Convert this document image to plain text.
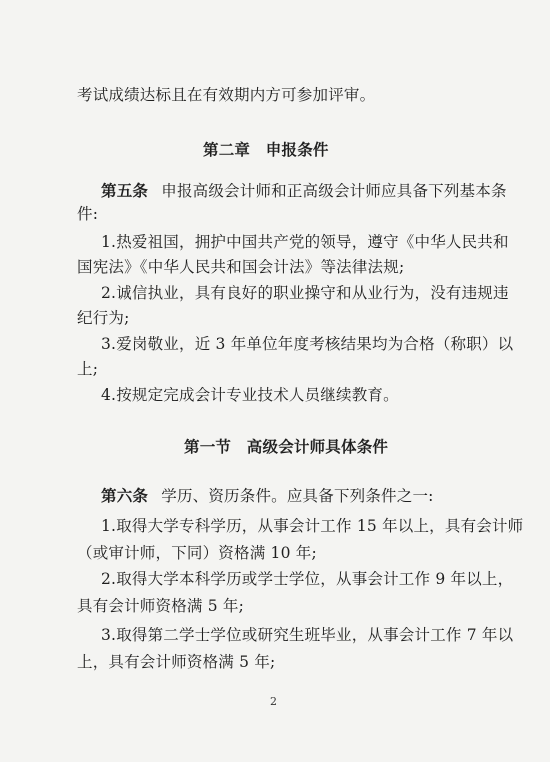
考试成绩达标且在有效期内方可参加评审。
第二章　申报条件
第五条 申报高级会计师和正高级会计师应具备下列基本条
件:
1.热爱祖国，拥护中国共产党的领导，遵守《中华人民共和
国宪法》《中华人民共和国会计法》等法律法规;
2.诚信执业，具有良好的职业操守和从业行为，没有违规违
纪行为;
3.爱岗敬业，近 3 年单位年度考核结果均为合格（称职）以
上;
4.按规定完成会计专业技术人员继续教育。
第一节　高级会计师具体条件
第六条 学历、资历条件。应具备下列条件之一:
1.取得大学专科学历，从事会计工作 15 年以上，具有会计师
（或审计师，下同）资格满 10 年;
2.取得大学本科学历或学士学位，从事会计工作 9 年以上，
具有会计师资格满 5 年;
3.取得第二学士学位或研究生班毕业，从事会计工作 7 年以
上，具有会计师资格满 5 年;
2
